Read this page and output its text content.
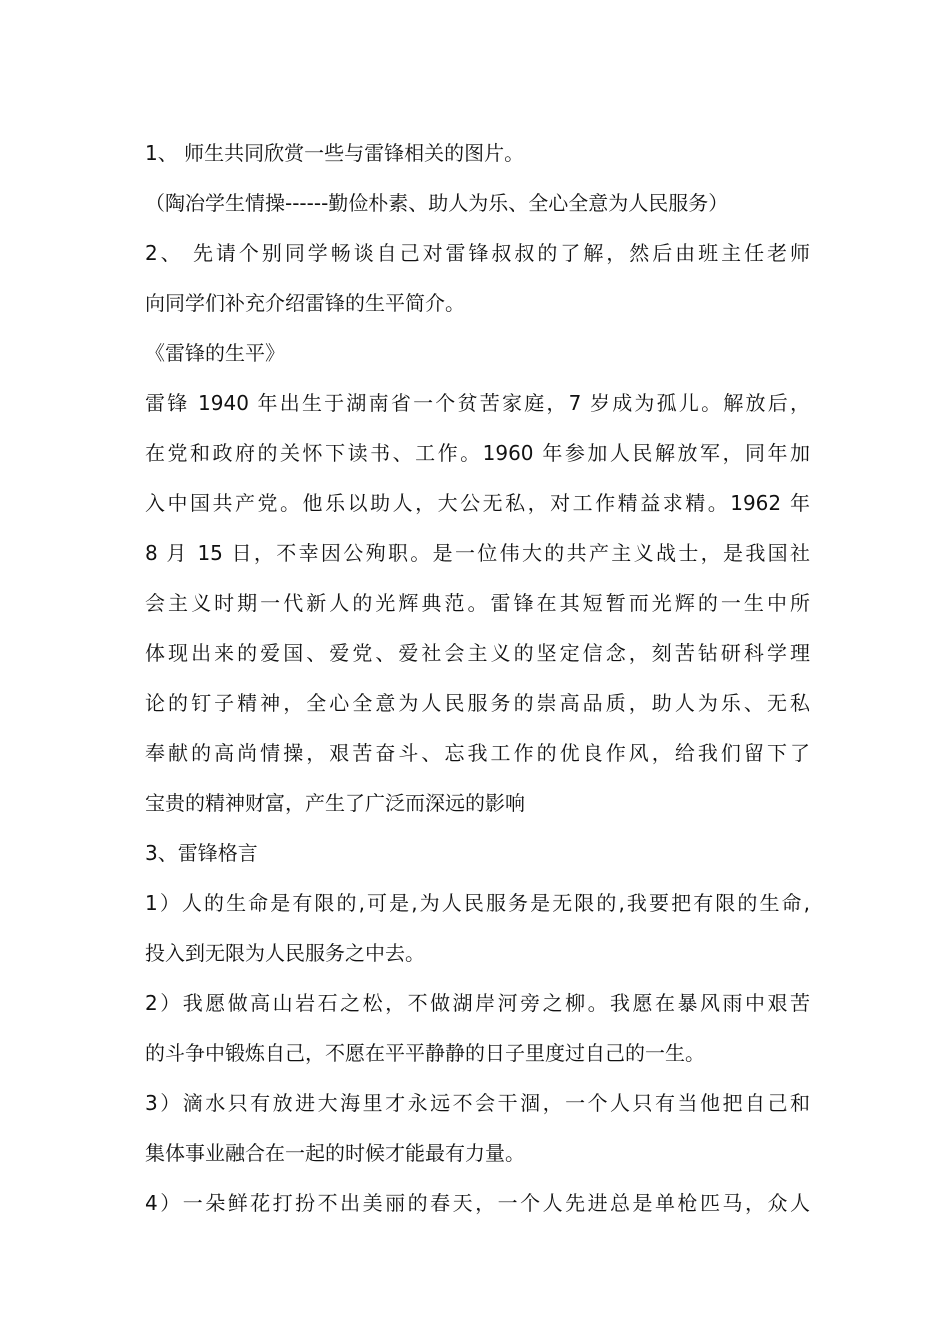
1、 师生共同欣赏一些与雷锋相关的图片。
（陶冶学生情操------勤俭朴素、助人为乐、全心全意为人民服务）
2、 先请个别同学畅谈自己对雷锋叔叔的了解，然后由班主任老师
向同学们补充介绍雷锋的生平简介。
《雷锋的生平》
雷锋 1940 年出生于湖南省一个贫苦家庭，7 岁成为孤儿。解放后，
在党和政府的关怀下读书、工作。1960 年参加人民解放军，同年加
入中国共产党。他乐以助人，大公无私，对工作精益求精。1962 年
8 月 15 日，不幸因公殉职。是一位伟大的共产主义战士，是我国社
会主义时期一代新人的光辉典范。雷锋在其短暂而光辉的一生中所
体现出来的爱国、爱党、爱社会主义的坚定信念，刻苦钻研科学理
论的钉子精神，全心全意为人民服务的崇高品质，助人为乐、无私
奉献的高尚情操，艰苦奋斗、忘我工作的优良作风，给我们留下了
宝贵的精神财富，产生了广泛而深远的影响
3、雷锋格言
1）人的生命是有限的,可是,为人民服务是无限的,我要把有限的生命,
投入到无限为人民服务之中去。
2）我愿做高山岩石之松，不做湖岸河旁之柳。我愿在暴风雨中艰苦
的斗争中锻炼自己，不愿在平平静静的日子里度过自己的一生。
3）滴水只有放进大海里才永远不会干涸，一个人只有当他把自己和
集体事业融合在一起的时候才能最有力量。
4）一朵鲜花打扮不出美丽的春天，一个人先进总是单枪匹马，众人
